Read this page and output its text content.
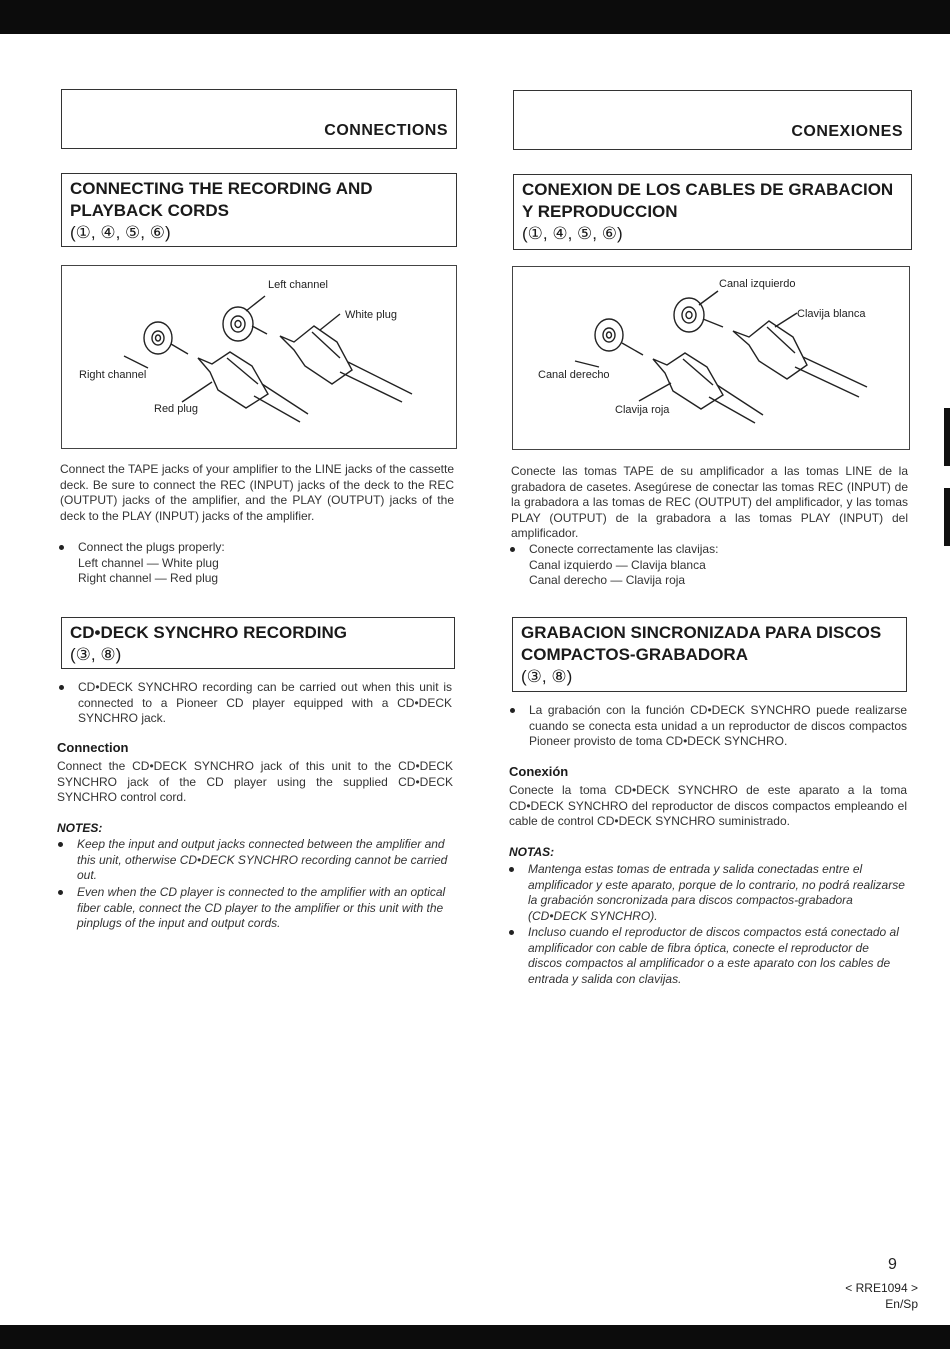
CONNECTIONS
CONNECTING THE RECORDING AND PLAYBACK CORDS
(①, ④, ⑤, ⑥)
Left channel
White plug
Right channel
Red plug
Connect the TAPE jacks of your amplifier to the LINE jacks of the cassette deck. Be sure to connect the REC (INPUT) jacks of the deck to the REC (OUTPUT) jacks of the amplifier, and the PLAY (OUTPUT) jacks of the deck to the PLAY (INPUT) jacks of the amplifier.
Connect the plugs properly:
Left channel — White plug
Right channel — Red plug
CD•DECK SYNCHRO RECORDING
(③, ⑧)
CD•DECK SYNCHRO recording can be carried out when this unit is connected to a Pioneer CD player equipped with a CD•DECK SYNCHRO jack.
Connection
Connect the CD•DECK SYNCHRO jack of this unit to the CD•DECK SYNCHRO jack of the CD player using the supplied CD•DECK SYNCHRO control cord.
NOTES:
Keep the input and output jacks connected between the amplifier and this unit, otherwise CD•DECK SYNCHRO recording cannot be carried out.
Even when the CD player is connected to the amplifier with an optical fiber cable, connect the CD player to the amplifier or this unit with the pinplugs of the input and output cords.
CONEXIONES
CONEXION DE LOS CABLES DE GRABACION Y REPRODUCCION
(①, ④, ⑤, ⑥)
Canal izquierdo
Clavija blanca
Canal derecho
Clavija roja
Conecte las tomas TAPE de su amplificador a las tomas LINE de la grabadora de casetes. Asegúrese de conectar las tomas REC (INPUT) de la grabadora a las tomas de REC (OUTPUT) del amplificador, y las tomas PLAY (OUTPUT) de la grabadora a las tomas PLAY (INPUT) del amplificador.
Conecte correctamente las clavijas:
Canal izquierdo — Clavija blanca
Canal derecho — Clavija roja
GRABACION SINCRONIZADA PARA DISCOS COMPACTOS-GRABADORA
(③, ⑧)
La grabación con la función CD•DECK SYNCHRO puede realizarse cuando se conecta esta unidad a un reproductor de discos compactos Pioneer provisto de toma CD•DECK SYNCHRO.
Conexión
Conecte la toma CD•DECK SYNCHRO de este aparato a la toma CD•DECK SYNCHRO del reproductor de discos compactos empleando el cable de control CD•DECK SYNCHRO suministrado.
NOTAS:
Mantenga estas tomas de entrada y salida conectadas entre el amplificador y este aparato, porque de lo contrario, no podrá realizarse la grabación soncronizada para discos compactos-grabadora (CD•DECK SYNCHRO).
Incluso cuando el reproductor de discos compactos está conectado al amplificador con cable de fibra óptica, conecte el reproductor de discos compactos al amplificador o a este aparato con los cables de entrada y salida con clavijas.
9
< RRE1094 >
En/Sp
